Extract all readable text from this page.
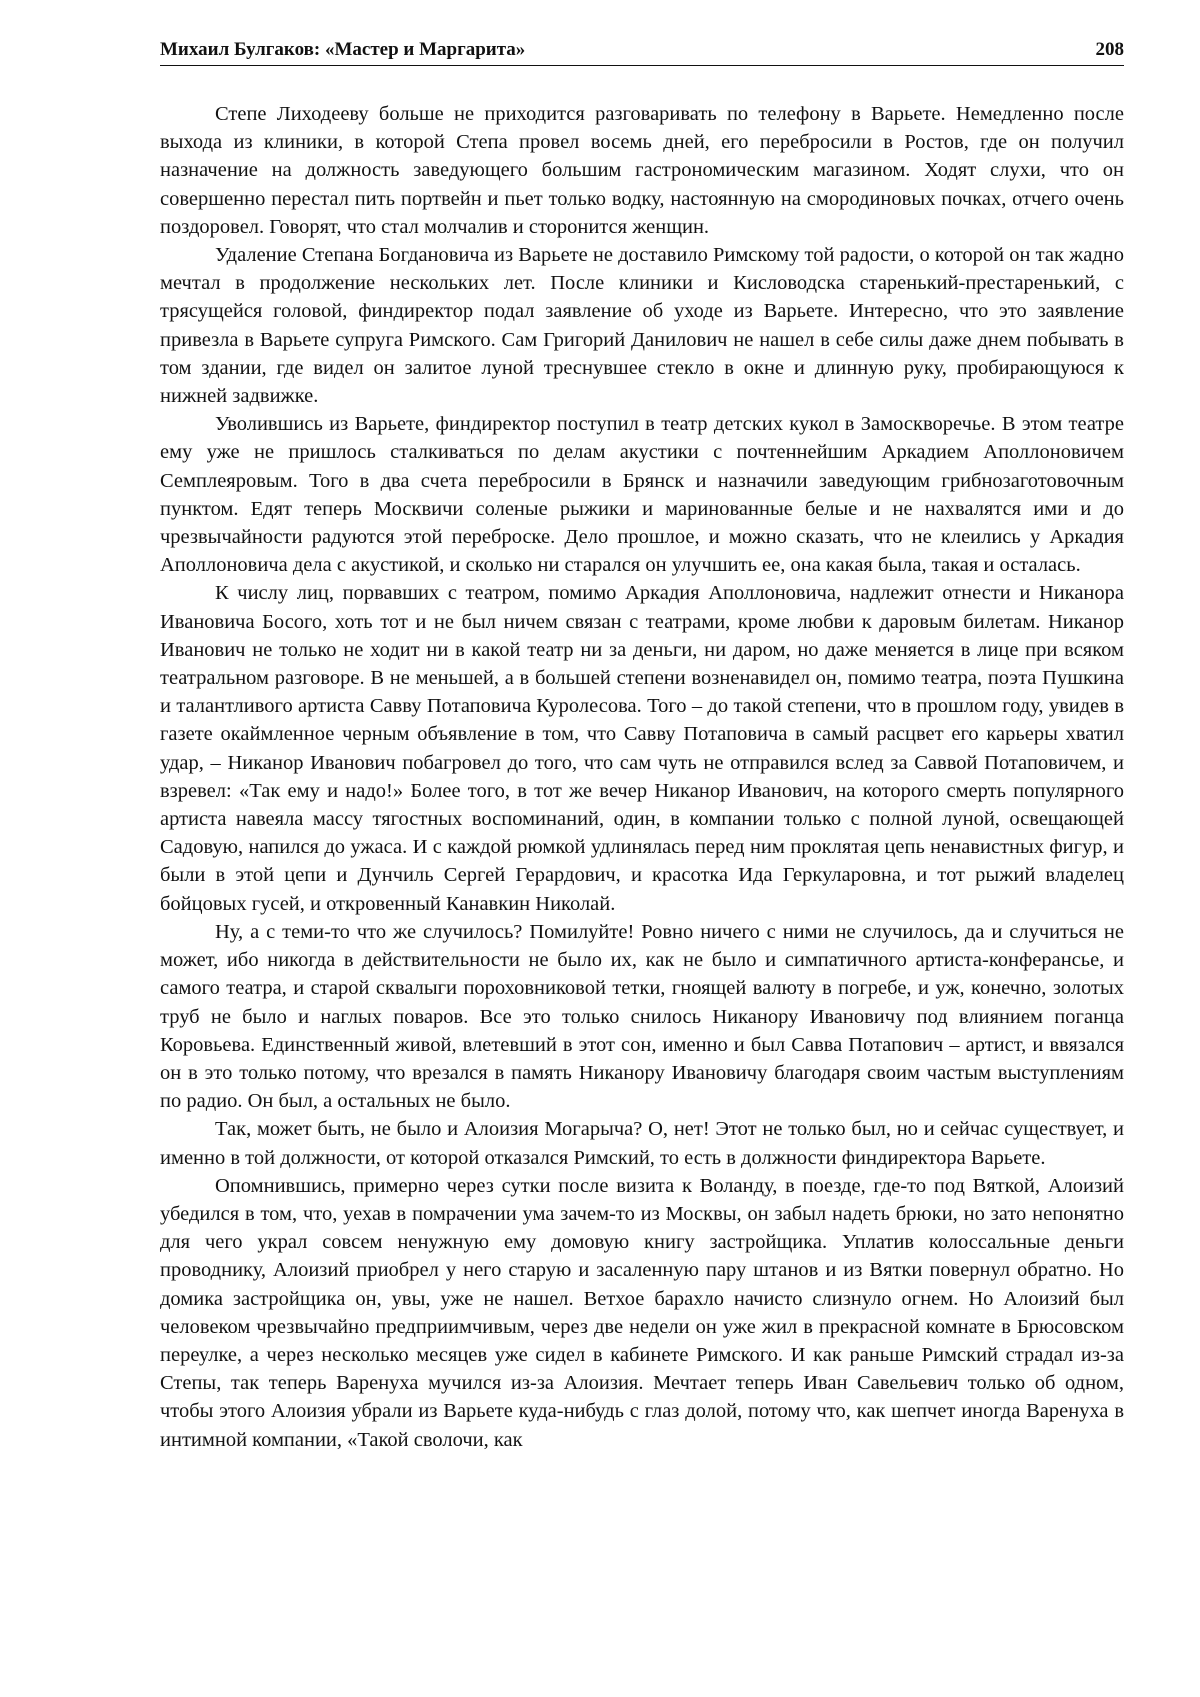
Михаил Булгаков: «Мастер и Маргарита»	208

Степе Лиходееву больше не приходится разговаривать по телефону в Варьете. Немедленно после выхода из клиники, в которой Степа провел восемь дней, его перебросили в Ростов, где он получил назначение на должность заведующего большим гастрономическим магазином. Ходят слухи, что он совершенно перестал пить портвейн и пьет только водку, настоянную на смородиновых почках, отчего очень поздоровел. Говорят, что стал молчалив и сторонится женщин.

Удаление Степана Богдановича из Варьете не доставило Римскому той радости, о которой он так жадно мечтал в продолжение нескольких лет. После клиники и Кисловодска старенький-престаренький, с трясущейся головой, финдиректор подал заявление об уходе из Варьете. Интересно, что это заявление привезла в Варьете супруга Римского. Сам Григорий Данилович не нашел в себе силы даже днем побывать в том здании, где видел он залитое луной треснувшее стекло в окне и длинную руку, пробирающуюся к нижней задвижке.

Уволившись из Варьете, финдиректор поступил в театр детских кукол в Замоскворечье. В этом театре ему уже не пришлось сталкиваться по делам акустики с почтеннейшим Аркадием Аполлоновичем Семплеяровым. Того в два счета перебросили в Брянск и назначили заведующим грибнозаготовочным пунктом. Едят теперь Москвичи соленые рыжики и маринованные белые и не нахвалятся ими и до чрезвычайности радуются этой переброске. Дело прошлое, и можно сказать, что не клеились у Аркадия Аполлоновича дела с акустикой, и сколько ни старался он улучшить ее, она какая была, такая и осталась.

К числу лиц, порвавших с театром, помимо Аркадия Аполлоновича, надлежит отнести и Никанора Ивановича Босого, хоть тот и не был ничем связан с театрами, кроме любви к даровым билетам. Никанор Иванович не только не ходит ни в какой театр ни за деньги, ни даром, но даже меняется в лице при всяком театральном разговоре. В не меньшей, а в большей степени возненавидел он, помимо театра, поэта Пушкина и талантливого артиста Савву Потаповича Куролесова. Того – до такой степени, что в прошлом году, увидев в газете окаймленное черным объявление в том, что Савву Потаповича в самый расцвет его карьеры хватил удар, – Никанор Иванович побагровел до того, что сам чуть не отправился вслед за Саввой Потаповичем, и взревел: «Так ему и надо!» Более того, в тот же вечер Никанор Иванович, на которого смерть популярного артиста навеяла массу тягостных воспоминаний, один, в компании только с полной луной, освещающей Садовую, напился до ужаса. И с каждой рюмкой удлинялась перед ним проклятая цепь ненавистных фигур, и были в этой цепи и Дунчиль Сергей Герардович, и красотка Ида Геркуларовна, и тот рыжий владелец бойцовых гусей, и откровенный Канавкин Николай.

Ну, а с теми-то что же случилось? Помилуйте! Ровно ничего с ними не случилось, да и случиться не может, ибо никогда в действительности не было их, как не было и симпатичного артиста-конферансье, и самого театра, и старой сквалыги пороховниковой тетки, гноящей валюту в погребе, и уж, конечно, золотых труб не было и наглых поваров. Все это только снилось Никанору Ивановичу под влиянием поганца Коровьева. Единственный живой, влетевший в этот сон, именно и был Савва Потапович – артист, и ввязался он в это только потому, что врезался в память Никанору Ивановичу благодаря своим частым выступлениям по радио. Он был, а остальных не было.

Так, может быть, не было и Алоизия Могарыча? О, нет! Этот не только был, но и сейчас существует, и именно в той должности, от которой отказался Римский, то есть в должности финдиректора Варьете.

Опомнившись, примерно через сутки после визита к Воланду, в поезде, где-то под Вяткой, Алоизий убедился в том, что, уехав в помрачении ума зачем-то из Москвы, он забыл надеть брюки, но зато непонятно для чего украл совсем ненужную ему домовую книгу застройщика. Уплатив колоссальные деньги проводнику, Алоизий приобрел у него старую и засаленную пару штанов и из Вятки повернул обратно. Но домика застройщика он, увы, уже не нашел. Ветхое барахло начисто слизнуло огнем. Но Алоизий был человеком чрезвычайно предприимчивым, через две недели он уже жил в прекрасной комнате в Брюсовском переулке, а через несколько месяцев уже сидел в кабинете Римского. И как раньше Римский страдал из-за Степы, так теперь Варенуха мучился из-за Алоизия. Мечтает теперь Иван Савельевич только об одном, чтобы этого Алоизия убрали из Варьете куда-нибудь с глаз долой, потому что, как шепчет иногда Варенуха в интимной компании, «Такой сволочи, как
